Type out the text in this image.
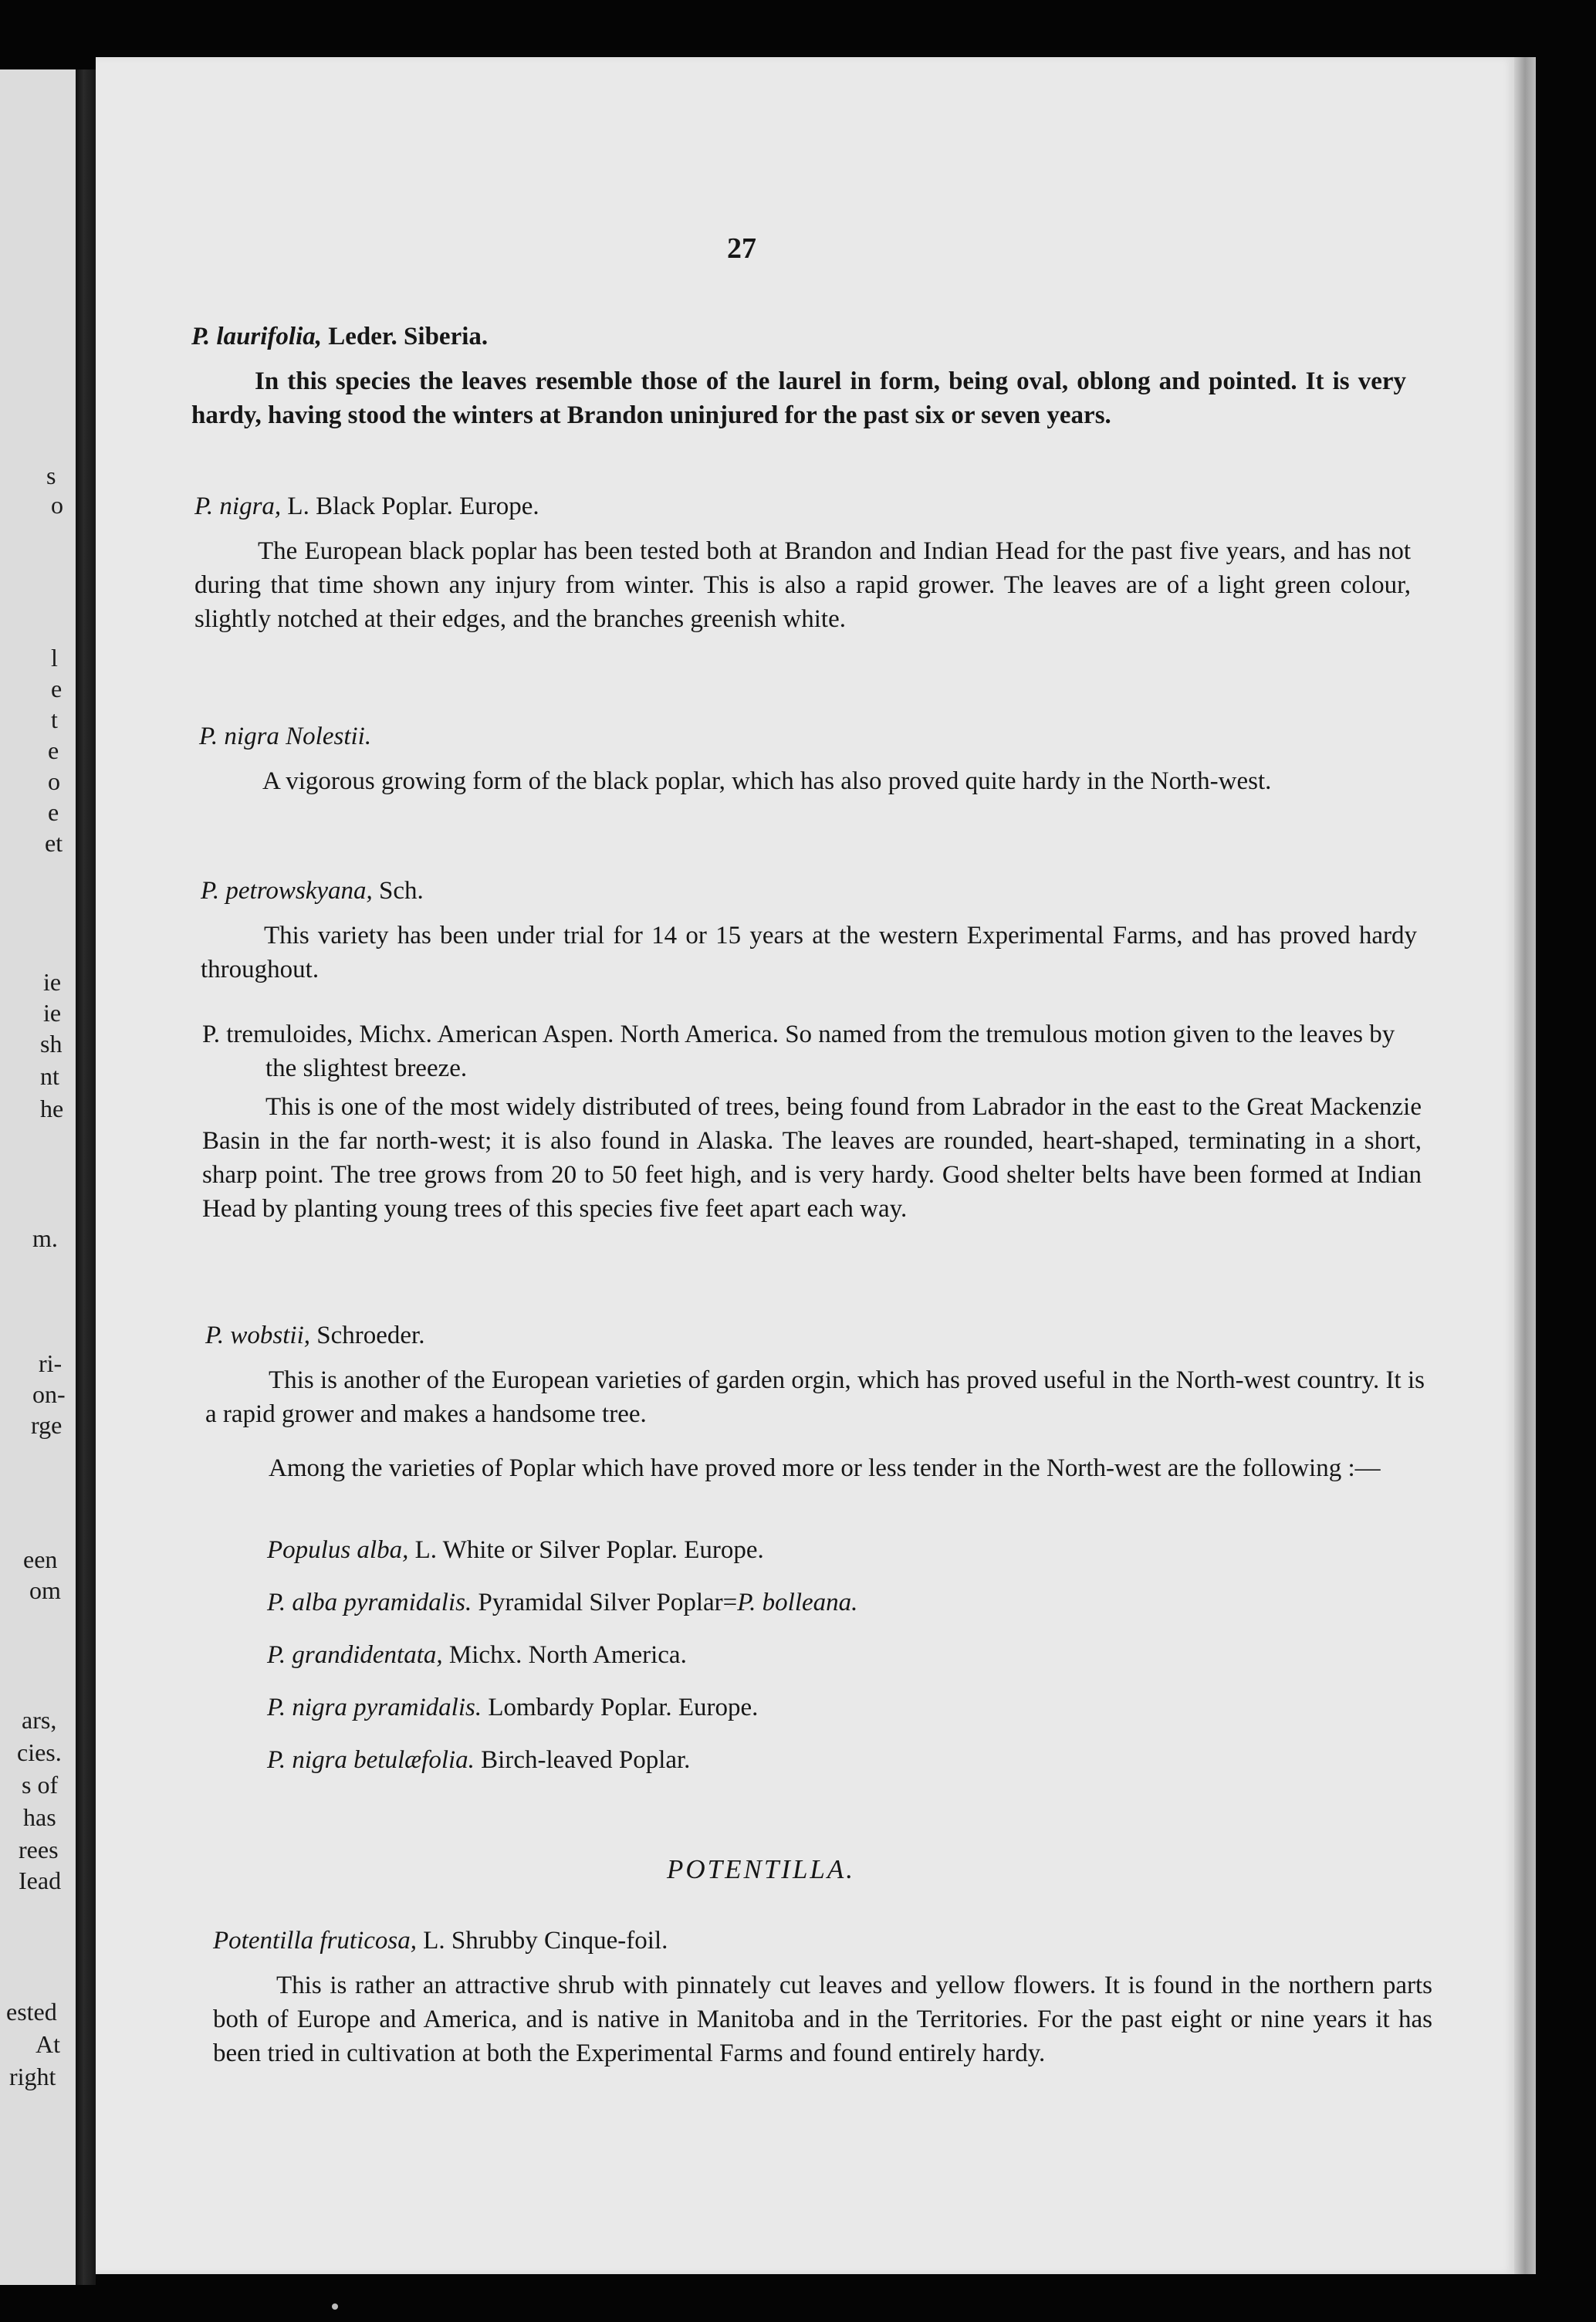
s
o
l
e
t
e
o
e
et
ie
ie
sh
nt
he
m.
ri-
on-
rge
een
om
ars,
cies.
s of
has
rees
Iead
ested
At
right
27

P. laurifolia, Leder. Siberia.

In this species the leaves resemble those of the laurel in form, being oval, oblong and pointed. It is very hardy, having stood the winters at Brandon uninjured for the past six or seven years.

P. nigra, L. Black Poplar. Europe.

The European black poplar has been tested both at Brandon and Indian Head for the past five years, and has not during that time shown any injury from winter. This is also a rapid grower. The leaves are of a light green colour, slightly notched at their edges, and the branches greenish white.

P. nigra Nolestii.

A vigorous growing form of the black poplar, which has also proved quite hardy in the North-west.

P. petrowskyana, Sch.

This variety has been under trial for 14 or 15 years at the western Experimental Farms, and has proved hardy throughout.

P. tremuloides, Michx. American Aspen. North America. So named from the tremulous motion given to the leaves by the slightest breeze.

This is one of the most widely distributed of trees, being found from Labrador in the east to the Great Mackenzie Basin in the far north-west; it is also found in Alaska. The leaves are rounded, heart-shaped, terminating in a short, sharp point. The tree grows from 20 to 50 feet high, and is very hardy. Good shelter belts have been formed at Indian Head by planting young trees of this species five feet apart each way.

P. wobstii, Schroeder.

This is another of the European varieties of garden orgin, which has proved useful in the North-west country. It is a rapid grower and makes a handsome tree.

Among the varieties of Poplar which have proved more or less tender in the North-west are the following :—

Populus alba, L. White or Silver Poplar. Europe.

P. alba pyramidalis. Pyramidal Silver Poplar=P. bolleana.

P. grandidentata, Michx. North America.

P. nigra pyramidalis. Lombardy Poplar. Europe.

P. nigra betulæfolia. Birch-leaved Poplar.

POTENTILLA.

Potentilla fruticosa, L. Shrubby Cinque-foil.

This is rather an attractive shrub with pinnately cut leaves and yellow flowers. It is found in the northern parts both of Europe and America, and is native in Manitoba and in the Territories. For the past eight or nine years it has been tried in cultivation at both the Experimental Farms and found entirely hardy.
